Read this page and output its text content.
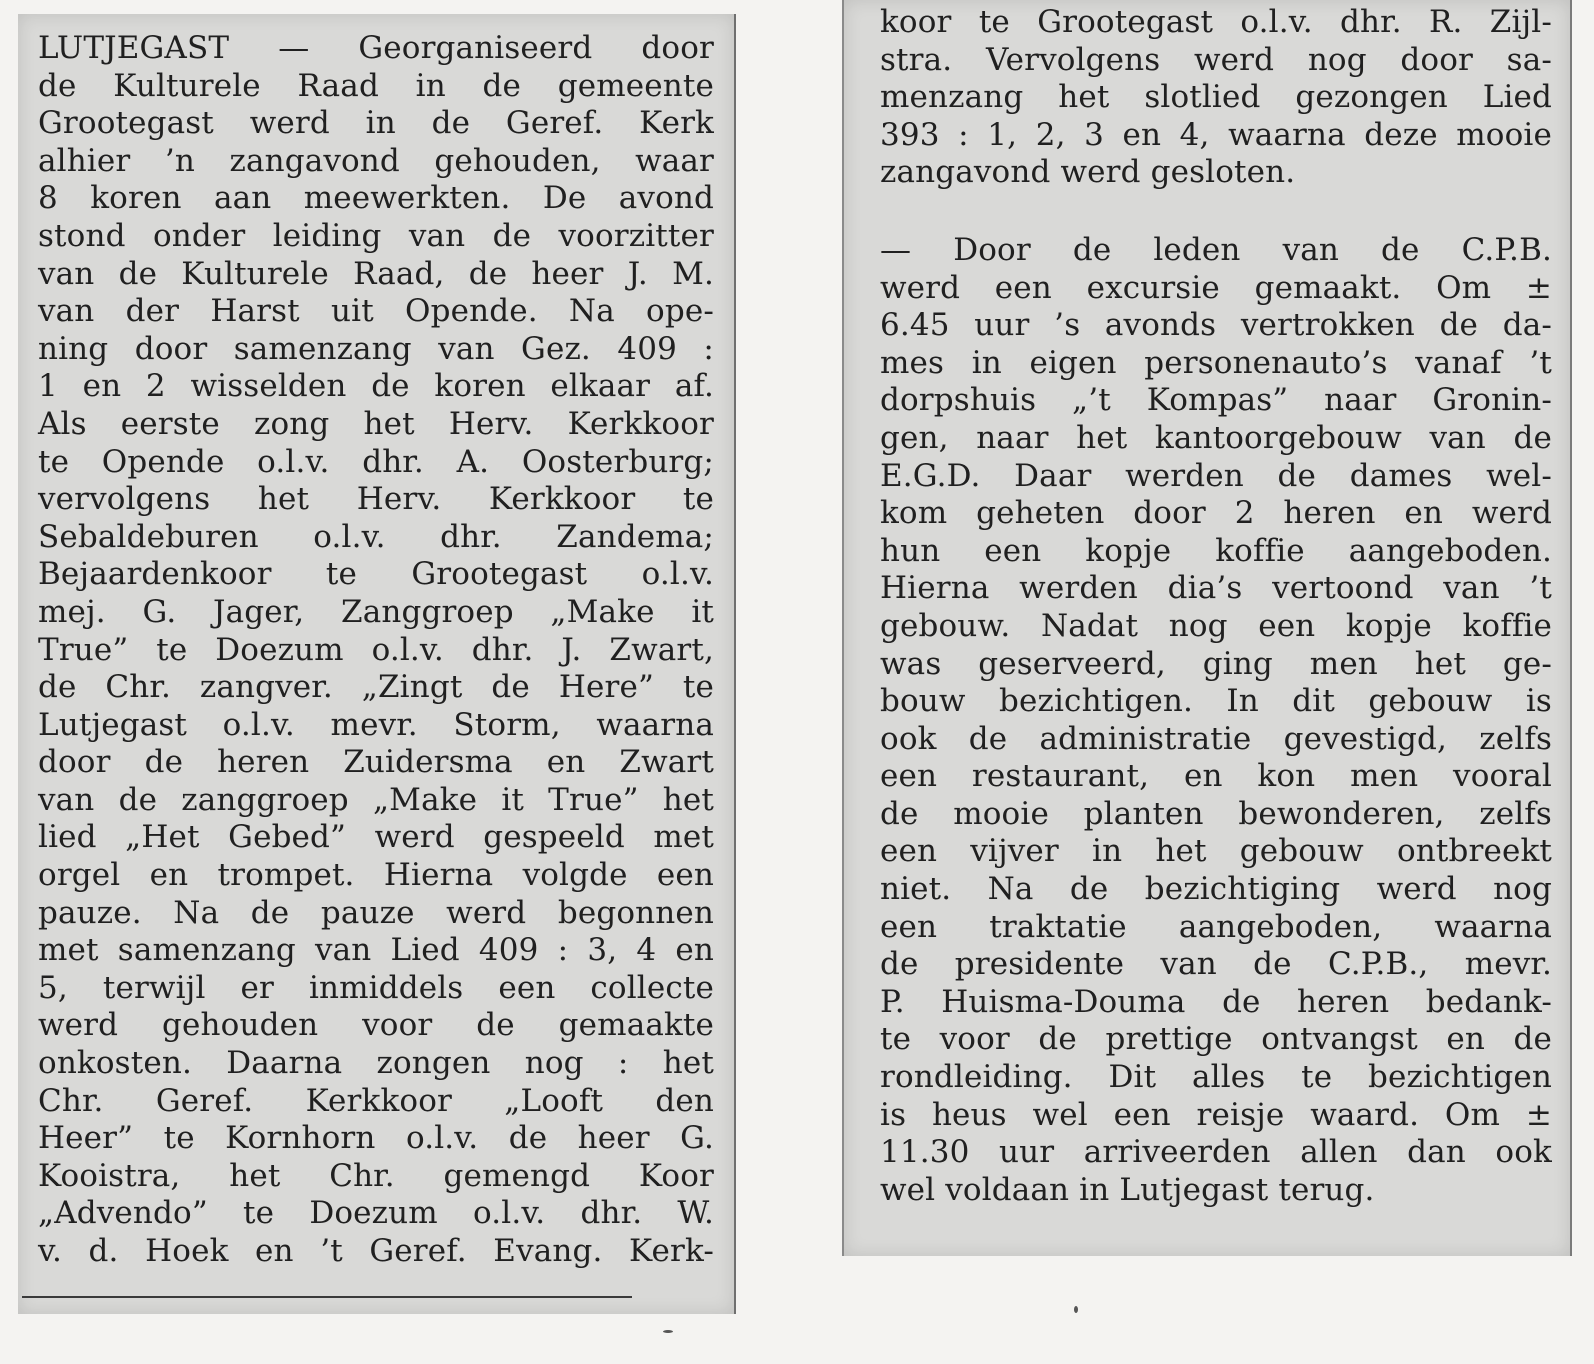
LUTJEGAST — Georganiseerd door
de Kulturele Raad in de gemeente
Grootegast werd in de Geref. Kerk
alhier ’n zangavond gehouden, waar
8 koren aan meewerkten. De avond
stond onder leiding van de voorzitter
van de Kulturele Raad, de heer J. M.
van der Harst uit Opende. Na ope-
ning door samenzang van Gez. 409 :
1 en 2 wisselden de koren elkaar af.
Als eerste zong het Herv. Kerkkoor
te Opende o.l.v. dhr. A. Oosterburg;
vervolgens het Herv. Kerkkoor te
Sebaldeburen o.l.v. dhr. Zandema;
Bejaardenkoor te Grootegast o.l.v.
mej. G. Jager, Zanggroep „Make it
True” te Doezum o.l.v. dhr. J. Zwart,
de Chr. zangver. „Zingt de Here” te
Lutjegast o.l.v. mevr. Storm, waarna
door de heren Zuidersma en Zwart
van de zanggroep „Make it True” het
lied „Het Gebed” werd gespeeld met
orgel en trompet. Hierna volgde een
pauze. Na de pauze werd begonnen
met samenzang van Lied 409 : 3, 4 en
5, terwijl er inmiddels een collecte
werd gehouden voor de gemaakte
onkosten. Daarna zongen nog : het
Chr. Geref. Kerkkoor „Looft den
Heer” te Kornhorn o.l.v. de heer G.
Kooistra, het Chr. gemengd Koor
„Advendo” te Doezum o.l.v. dhr. W.
v. d. Hoek en ’t Geref. Evang. Kerk-
koor te Grootegast o.l.v. dhr. R. Zijl-
stra. Vervolgens werd nog door sa-
menzang het slotlied gezongen Lied
393 : 1, 2, 3 en 4, waarna deze mooie
zangavond werd gesloten.
— Door de leden van de C.P.B.
werd een excursie gemaakt. Om ±
6.45 uur ’s avonds vertrokken de da-
mes in eigen personenauto’s vanaf ’t
dorpshuis „’t Kompas” naar Gronin-
gen, naar het kantoorgebouw van de
E.G.D. Daar werden de dames wel-
kom geheten door 2 heren en werd
hun een kopje koffie aangeboden.
Hierna werden dia’s vertoond van ’t
gebouw. Nadat nog een kopje koffie
was geserveerd, ging men het ge-
bouw bezichtigen. In dit gebouw is
ook de administratie gevestigd, zelfs
een restaurant, en kon men vooral
de mooie planten bewonderen, zelfs
een vijver in het gebouw ontbreekt
niet. Na de bezichtiging werd nog
een traktatie aangeboden, waarna
de presidente van de C.P.B., mevr.
P. Huisma-Douma de heren bedank-
te voor de prettige ontvangst en de
rondleiding. Dit alles te bezichtigen
is heus wel een reisje waard. Om ±
11.30 uur arriveerden allen dan ook
wel voldaan in Lutjegast terug.
